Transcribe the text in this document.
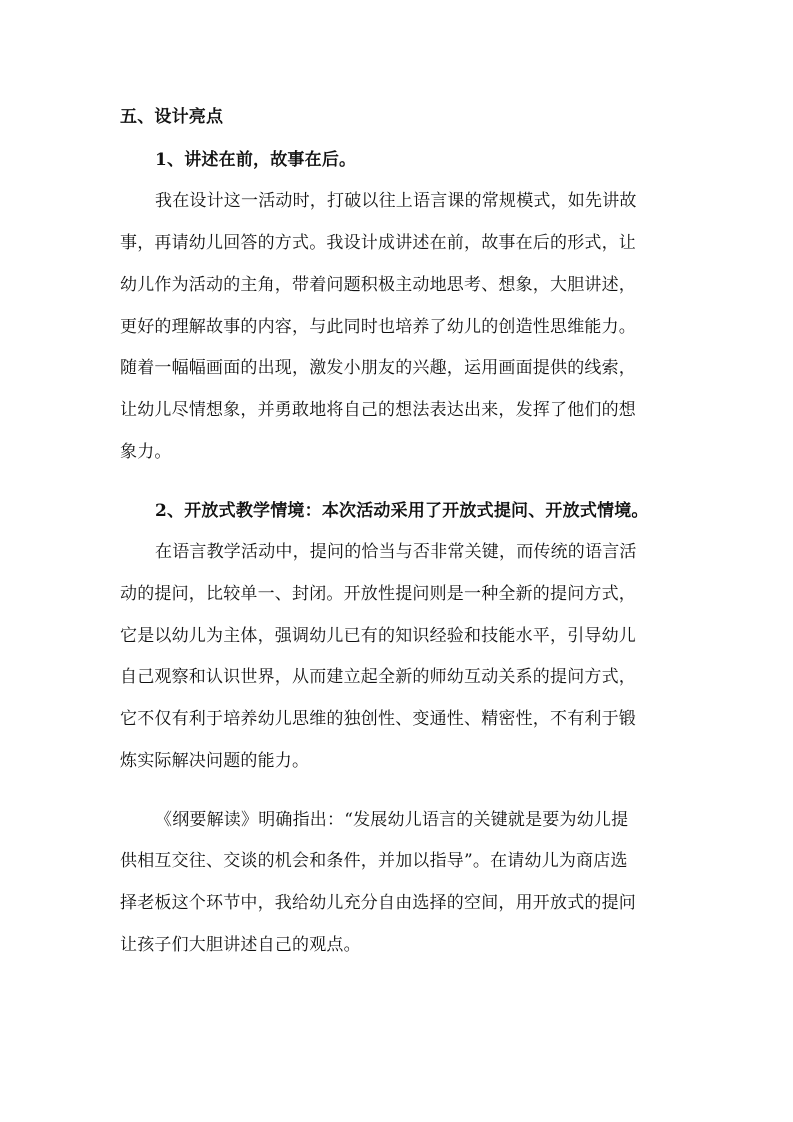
五、设计亮点
1、讲述在前，故事在后。
我在设计这一活动时，打破以往上语言课的常规模式，如先讲故
事，再请幼儿回答的方式。我设计成讲述在前，故事在后的形式，让
幼儿作为活动的主角，带着问题积极主动地思考、想象，大胆讲述，
更好的理解故事的内容，与此同时也培养了幼儿的创造性思维能力。
随着一幅幅画面的出现，激发小朋友的兴趣，运用画面提供的线索，
让幼儿尽情想象，并勇敢地将自己的想法表达出来，发挥了他们的想
象力。
2、开放式教学情境：本次活动采用了开放式提问、开放式情境。
在语言教学活动中，提问的恰当与否非常关键，而传统的语言活
动的提问，比较单一、封闭。开放性提问则是一种全新的提问方式，
它是以幼儿为主体，强调幼儿已有的知识经验和技能水平，引导幼儿
自己观察和认识世界，从而建立起全新的师幼互动关系的提问方式，
它不仅有利于培养幼儿思维的独创性、变通性、精密性，不有利于锻
炼实际解决问题的能力。
《纲要解读》明确指出：“发展幼儿语言的关键就是要为幼儿提
供相互交往、交谈的机会和条件，并加以指导”。在请幼儿为商店选
择老板这个环节中，我给幼儿充分自由选择的空间，用开放式的提问
让孩子们大胆讲述自己的观点。
